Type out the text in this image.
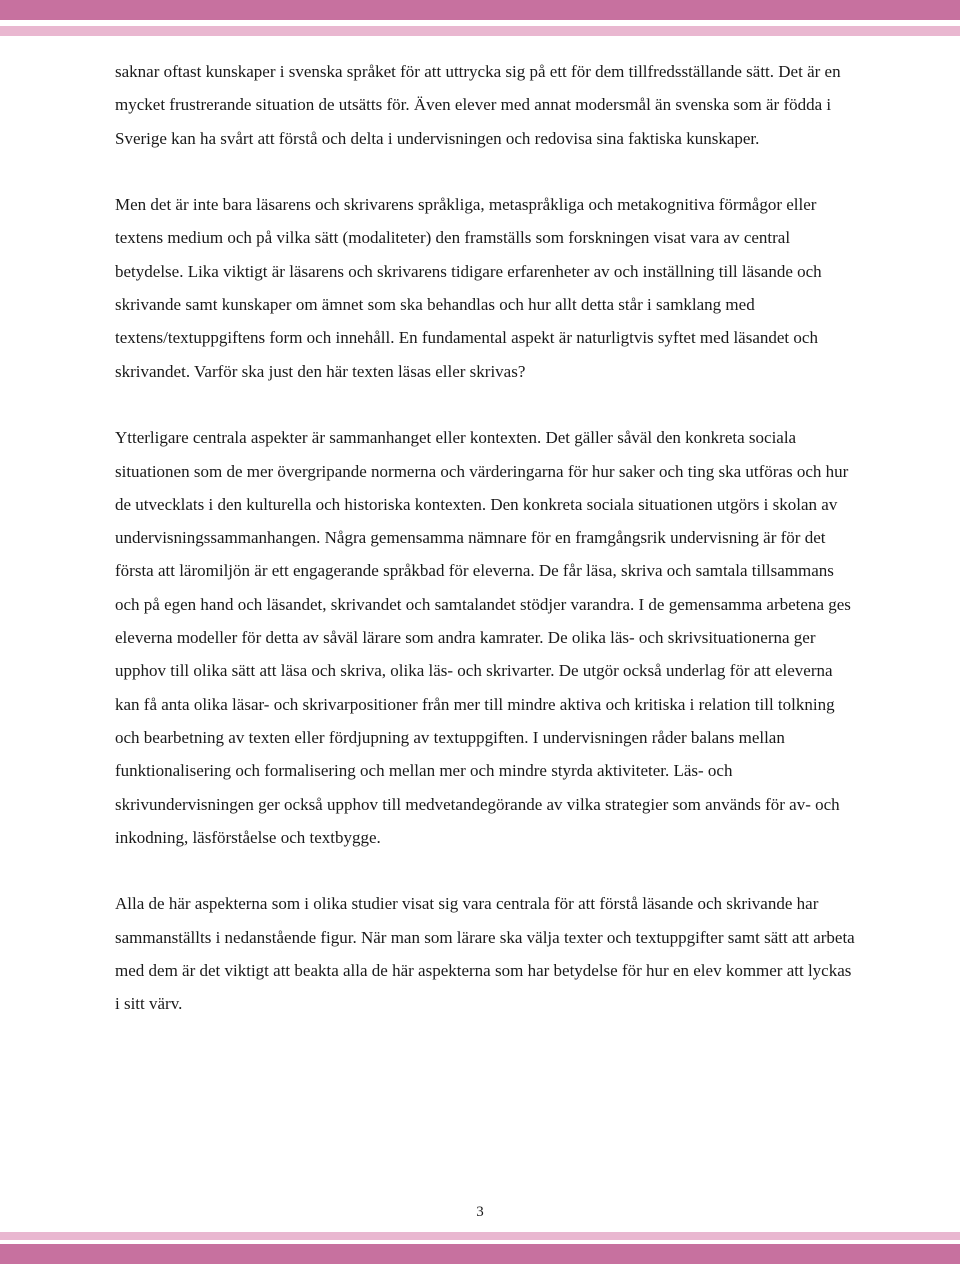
saknar oftast kunskaper i svenska språket för att uttrycka sig på ett för dem tillfredsställande sätt. Det är en mycket frustrerande situation de utsätts för. Även elever med annat modersmål än svenska som är födda i Sverige kan ha svårt att förstå och delta i undervisningen och redovisa sina faktiska kunskaper.

Men det är inte bara läsarens och skrivarens språkliga, metaspråkliga och metakognitiva förmågor eller textens medium och på vilka sätt (modaliteter) den framställs som forskningen visat vara av central betydelse. Lika viktigt är läsarens och skrivarens tidigare erfarenheter av och inställning till läsande och skrivande samt kunskaper om ämnet som ska behandlas och hur allt detta står i samklang med textens/textuppgiftens form och innehåll. En fundamental aspekt är naturligtvis syftet med läsandet och skrivandet. Varför ska just den här texten läsas eller skrivas?

Ytterligare centrala aspekter är sammanhanget eller kontexten. Det gäller såväl den konkreta sociala situationen som de mer övergripande normerna och värderingarna för hur saker och ting ska utföras och hur de utvecklats i den kulturella och historiska kontexten. Den konkreta sociala situationen utgörs i skolan av undervisningssammanhangen. Några gemensamma nämnare för en framgångsrik undervisning är för det första att läromiljön är ett engagerande språkbad för eleverna. De får läsa, skriva och samtala tillsammans och på egen hand och läsandet, skrivandet och samtalandet stödjer varandra. I de gemensamma arbetena ges eleverna modeller för detta av såväl lärare som andra kamrater. De olika läs- och skrivsituationerna ger upphov till olika sätt att läsa och skriva, olika läs- och skrivarter. De utgör också underlag för att eleverna kan få anta olika läsar- och skrivarpositioner från mer till mindre aktiva och kritiska i relation till tolkning och bearbetning av texten eller fördjupning av textuppgiften. I undervisningen råder balans mellan funktionalisering och formalisering och mellan mer och mindre styrda aktiviteter. Läs- och skrivundervisningen ger också upphov till medvetandegörande av vilka strategier som används för av- och inkodning, läsförståelse och textbygge.

Alla de här aspekterna som i olika studier visat sig vara centrala för att förstå läsande och skrivande har sammanställts i nedanstående figur. När man som lärare ska välja texter och textuppgifter samt sätt att arbeta med dem är det viktigt att beakta alla de här aspekterna som har betydelse för hur en elev kommer att lyckas i sitt värv.

3
